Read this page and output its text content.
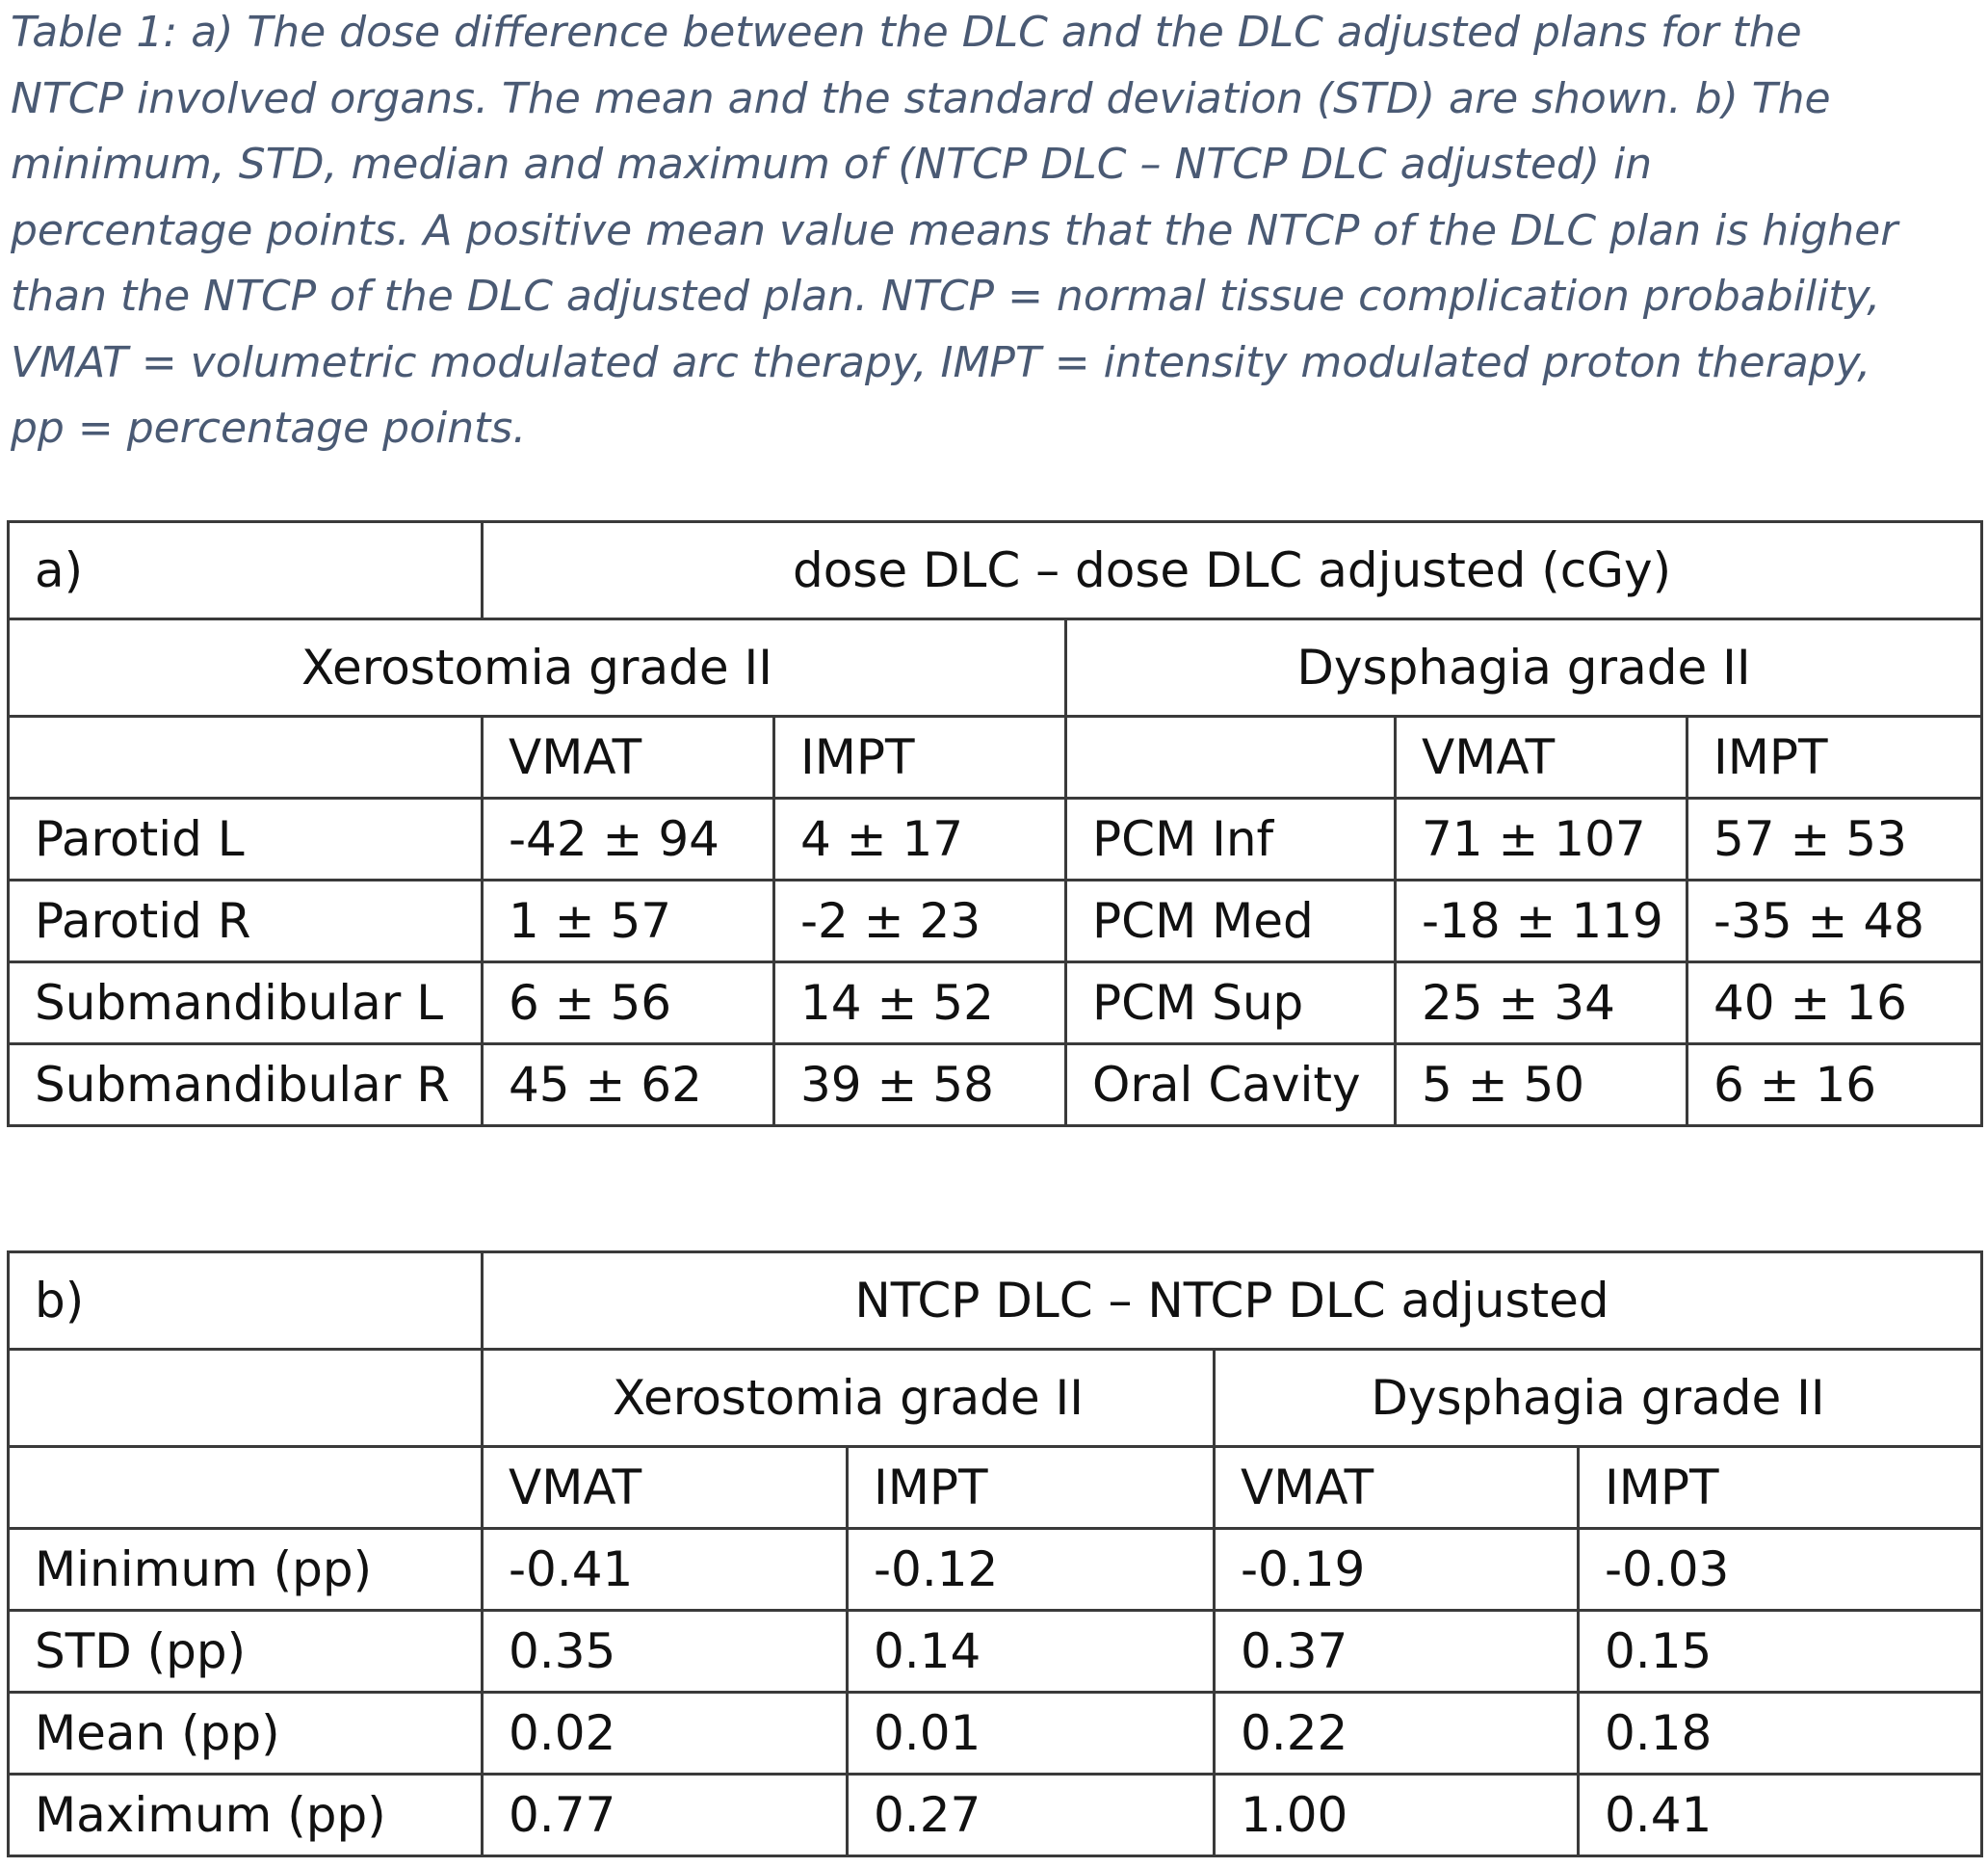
Table 1: a) The dose difference between the DLC and the DLC adjusted plans for the
NTCP involved organs. The mean and the standard deviation (STD) are shown. b) The
minimum, STD, median and maximum of (NTCP DLC – NTCP DLC adjusted) in
percentage points. A positive mean value means that the NTCP of the DLC plan is higher
than the NTCP of the DLC adjusted plan. NTCP = normal tissue complication probability,
VMAT = volumetric modulated arc therapy, IMPT = intensity modulated proton therapy,
pp = percentage points.
a)	dose DLC – dose DLC adjusted (cGy)				
Xerostomia grade II			Dysphagia grade II		
	VMAT	IMPT		VMAT	IMPT
Parotid L	-42 ± 94	4 ± 17	PCM Inf	71 ± 107	57 ± 53
Parotid R	1 ± 57	-2 ± 23	PCM Med	-18 ± 119	-35 ± 48
Submandibular L	6 ± 56	14 ± 52	PCM Sup	25 ± 34	40 ± 16
Submandibular R	45 ± 62	39 ± 58	Oral Cavity	5 ± 50	6 ± 16
b)	NTCP DLC – NTCP DLC adjusted			
	Xerostomia grade II		Dysphagia grade II	
	VMAT	IMPT	VMAT	IMPT
Minimum (pp)	-0.41	-0.12	-0.19	-0.03
STD (pp)	0.35	0.14	0.37	0.15
Mean (pp)	0.02	0.01	0.22	0.18
Maximum (pp)	0.77	0.27	1.00	0.41
